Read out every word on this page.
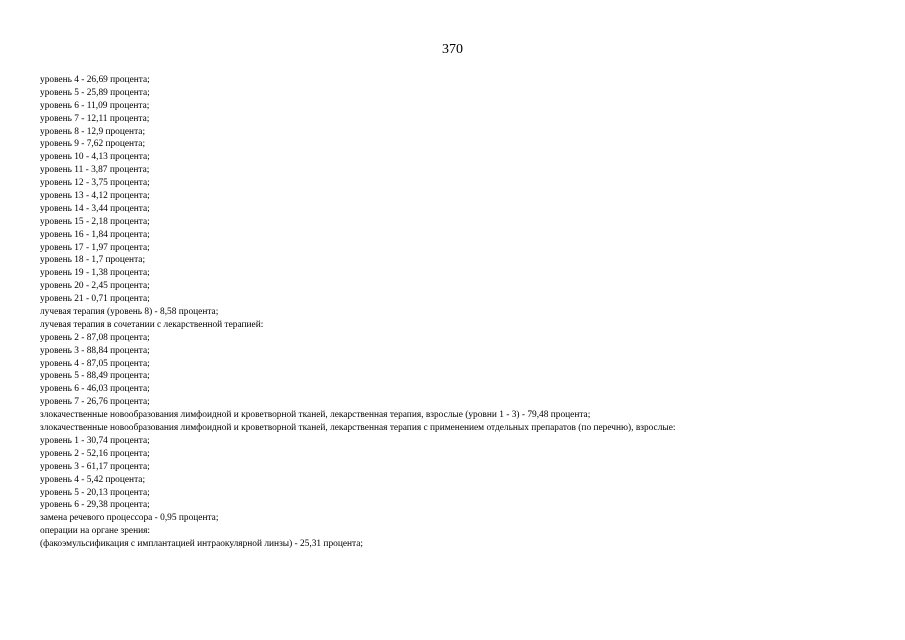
370
уровень 4 - 26,69 процента;
уровень 5 - 25,89 процента;
уровень 6 - 11,09 процента;
уровень 7 - 12,11 процента;
уровень 8 - 12,9 процента;
уровень 9 - 7,62 процента;
уровень 10 - 4,13 процента;
уровень 11 - 3,87 процента;
уровень 12 - 3,75 процента;
уровень 13 - 4,12 процента;
уровень 14 - 3,44 процента;
уровень 15 - 2,18 процента;
уровень 16 - 1,84 процента;
уровень 17 - 1,97 процента;
уровень 18 - 1,7 процента;
уровень 19 - 1,38 процента;
уровень 20 - 2,45 процента;
уровень 21 - 0,71 процента;
лучевая терапия (уровень 8) - 8,58 процента;
лучевая терапия в сочетании с лекарственной терапией:
уровень 2 - 87,08 процента;
уровень 3 - 88,84 процента;
уровень 4 - 87,05 процента;
уровень 5 - 88,49 процента;
уровень 6 - 46,03 процента;
уровень 7 - 26,76 процента;
злокачественные новообразования лимфоидной и кроветворной тканей, лекарственная терапия, взрослые (уровни 1 - 3) - 79,48 процента;
злокачественные новообразования лимфоидной и кроветворной тканей, лекарственная терапия с применением отдельных препаратов (по перечню), взрослые:
уровень 1 - 30,74 процента;
уровень 2 - 52,16 процента;
уровень 3 - 61,17 процента;
уровень 4 - 5,42 процента;
уровень 5 - 20,13 процента;
уровень 6 - 29,38 процента;
замена речевого процессора - 0,95 процента;
операции на органе зрения:
(факоэмульсификация с имплантацией интраокулярной линзы) - 25,31 процента;
